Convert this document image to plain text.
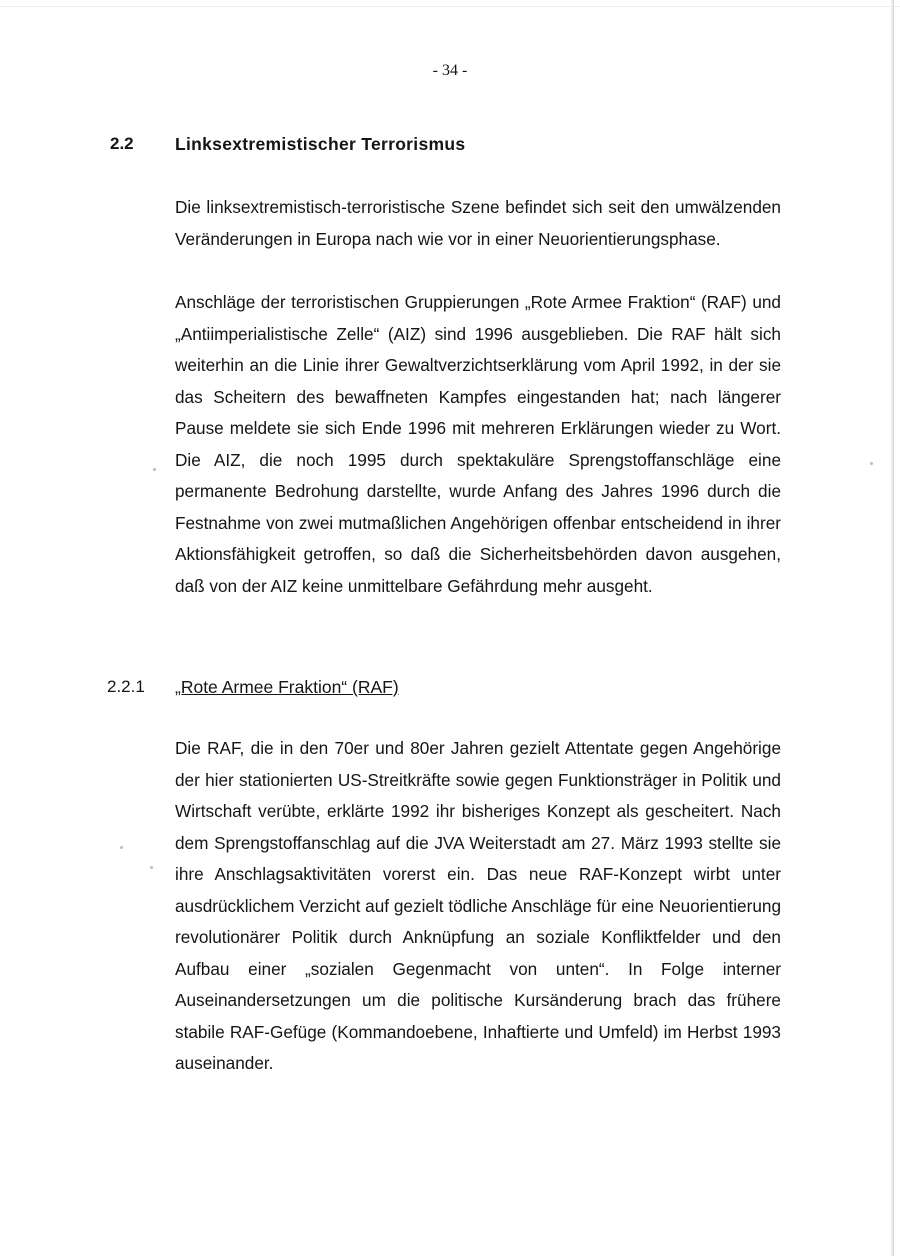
- 34 -
2.2 Linksextremistischer Terrorismus

Die linksextremistisch-terroristische Szene befindet sich seit den umwälzenden Veränderungen in Europa nach wie vor in einer Neuorientierungsphase.

Anschläge der terroristischen Gruppierungen „Rote Armee Fraktion“ (RAF) und „Antiimperialistische Zelle“ (AIZ) sind 1996 ausgeblieben. Die RAF hält sich weiterhin an die Linie ihrer Gewaltverzichtserklärung vom April 1992, in der sie das Scheitern des bewaffneten Kampfes eingestanden hat; nach längerer Pause meldete sie sich Ende 1996 mit mehreren Erklärungen wieder zu Wort. Die AIZ, die noch 1995 durch spektakuläre Sprengstoffanschläge eine permanente Bedrohung darstellte, wurde Anfang des Jahres 1996 durch die Festnahme von zwei mutmaßlichen Angehörigen offenbar entscheidend in ihrer Aktionsfähigkeit getroffen, so daß die Sicherheitsbehörden davon ausgehen, daß von der AIZ keine unmittelbare Gefährdung mehr ausgeht.

2.2.1 „Rote Armee Fraktion“ (RAF)

Die RAF, die in den 70er und 80er Jahren gezielt Attentate gegen Angehörige der hier stationierten US-Streitkräfte sowie gegen Funktionsträger in Politik und Wirtschaft verübte, erklärte 1992 ihr bisheriges Konzept als gescheitert. Nach dem Sprengstoffanschlag auf die JVA Weiterstadt am 27. März 1993 stellte sie ihre Anschlagsaktivitäten vorerst ein. Das neue RAF-Konzept wirbt unter ausdrücklichem Verzicht auf gezielt tödliche Anschläge für eine Neuorientierung revolutionärer Politik durch Anknüpfung an soziale Konfliktfelder und den Aufbau einer „sozialen Gegenmacht von unten“. In Folge interner Auseinandersetzungen um die politische Kursänderung brach das frühere stabile RAF-Gefüge (Kommandoebene, Inhaftierte und Umfeld) im Herbst 1993 auseinander.
